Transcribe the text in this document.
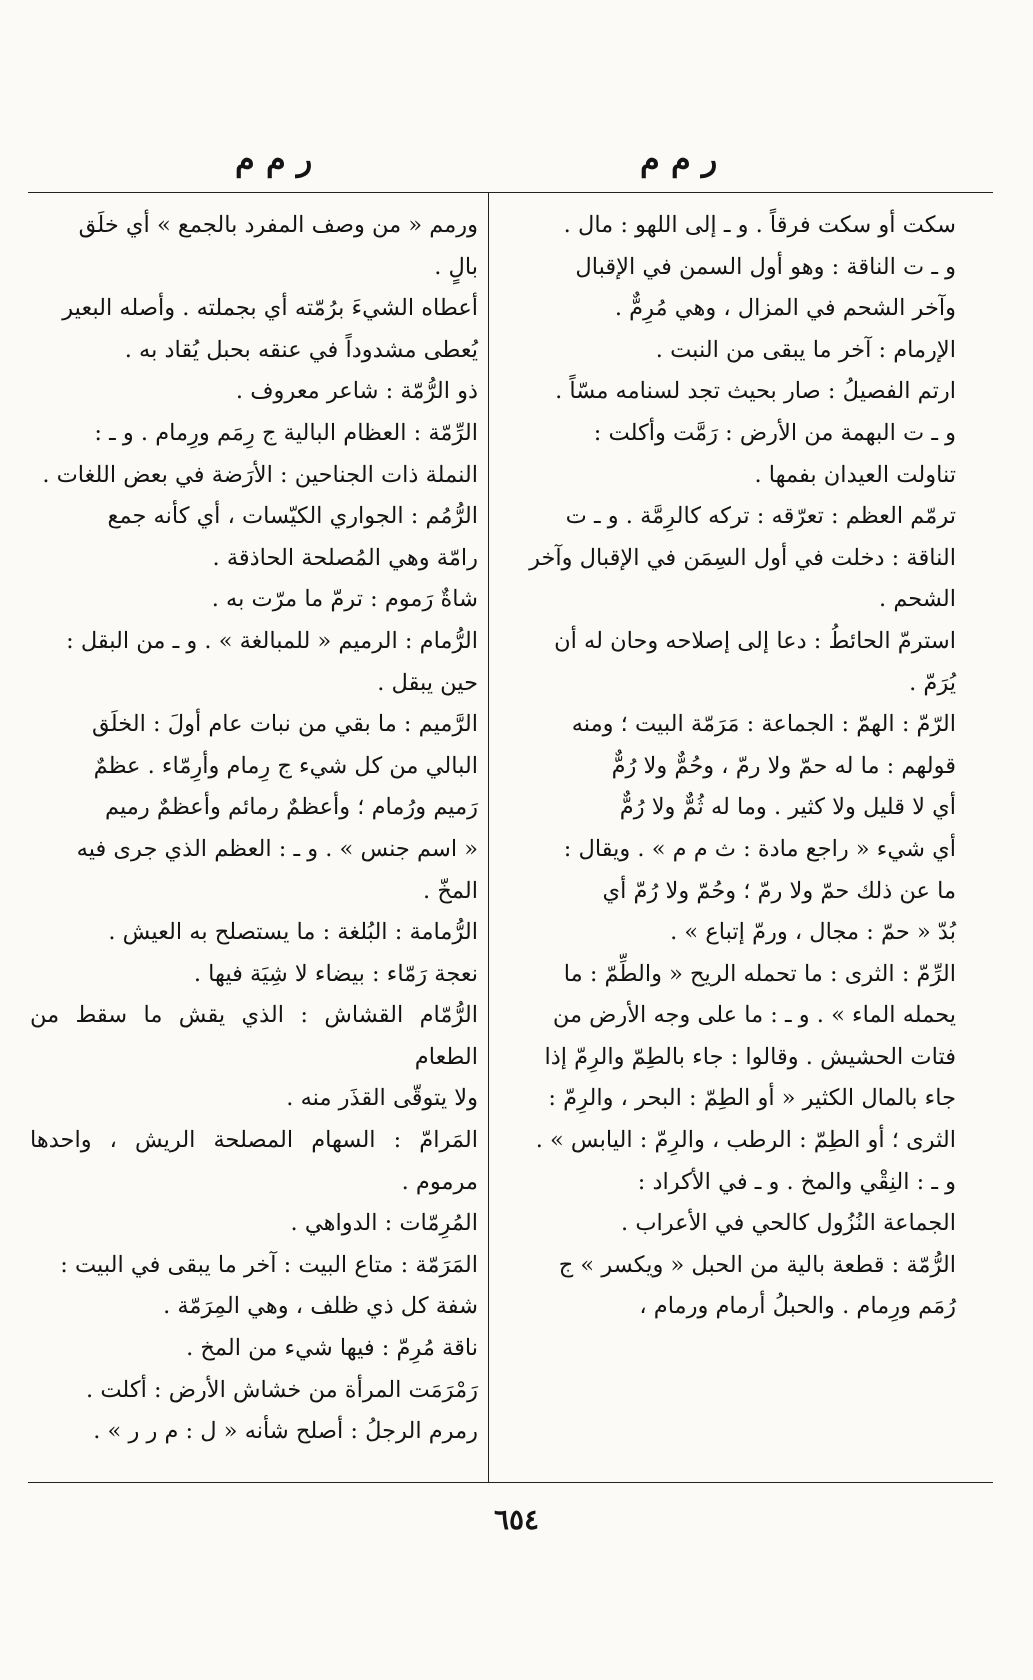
ر م م
ر م م

سكت أو سكت فرقاً . و ـ إلى اللهو : مال .

و ـ ت الناقة : وهو أول السمن في الإقبال

وآخر الشحم في المزال ، وهي مُرِمٌّ .

الإرمام : آخر ما يبقى من النبت .

ارتم الفصيلُ : صار بحيث تجد لسنامه مسّاً .

و ـ ت البهمة من الأرض : رَمَّت وأكلت :

تناولت العيدان بفمها .

ترمّم العظم : تعرّقه : تركه كالرِمَّة . و ـ ت

الناقة : دخلت في أول السِمَن في الإقبال وآخر

الشحم .

استرمّ الحائطُ : دعا إلى إصلاحه وحان له أن

يُرَمّ .

الرّمّ : الهمّ : الجماعة : مَرَمّة البيت ؛ ومنه

قولهم : ما له حمّ ولا رمّ ، وحُمٌّ ولا رُمٌّ

أي لا قليل ولا كثير . وما له ثُمٌّ ولا رُمٌّ

أي شيء « راجع مادة : ث م م » . ويقال :

ما عن ذلك حمّ ولا رمّ ؛ وحُمّ ولا رُمّ أي

بُدّ « حمّ : مجال ، ورمّ إتباع » .

الرِّمّ : الثرى : ما تحمله الريح « والطِّمّ : ما

يحمله الماء » . و ـ : ما على وجه الأرض من

فتات الحشيش . وقالوا : جاء بالطِمّ والرِمّ إذا

جاء بالمال الكثير « أو الطِمّ : البحر ، والرِمّ :

الثرى ؛ أو الطِمّ : الرطب ، والرِمّ : اليابس » .

و ـ : النِقْي والمخ . و ـ في الأكراد :

الجماعة النُزُول كالحي في الأعراب .

الرُّمّة : قطعة بالية من الحبل « ويكسر » ج

رُمَم ورِمام . والحبلُ أرمام ورمام ،

ورمم « من وصف المفرد بالجمع » أي خلَق

بالٍ .

أعطاه الشيءَ برُمّته أي بجملته . وأصله البعير

يُعطى مشدوداً في عنقه بحبل يُقاد به .

ذو الرُّمّة : شاعر معروف .

الرِّمّة : العظام البالية ج رِمَم ورِمام . و ـ :

النملة ذات الجناحين : الأرَضة في بعض اللغات .

الرُّمُم : الجواري الكيّسات ، أي كأنه جمع

رامّة وهي المُصلحة الحاذقة .

شاةٌ رَموم : ترمّ ما مرّت به .

الرُّمام : الرميم « للمبالغة » . و ـ من البقل :

حين يبقل .

الرَّميم : ما بقي من نبات عام أولَ : الخلَق

البالي من كل شيء ج رِمام وأرِمّاء . عظمٌ

رَميم ورُمام ؛ وأعظمٌ رمائم وأعظمٌ رميم

« اسم جنس » . و ـ : العظم الذي جرى فيه

المخّ .

الرُّمامة : البُلغة : ما يستصلح به العيش .

نعجة رَمّاء : بيضاء لا شِيَة فيها .

الرُّمّام القشاش : الذي يقش ما سقط من الطعام

ولا يتوقّى القذَر منه .

المَرامّ : السهام المصلحة الريش ، واحدها مرموم .

المُرِمّات : الدواهي .

المَرَمّة : متاع البيت : آخر ما يبقى في البيت :

شفة كل ذي ظلف ، وهي المِرَمّة .

ناقة مُرِمّ : فيها شيء من المخ .

رَمْرَمَت المرأة من خشاش الأرض : أكلت .

رمرم الرجلُ : أصلح شأنه « ل : م ر ر » .

٦٥٤
